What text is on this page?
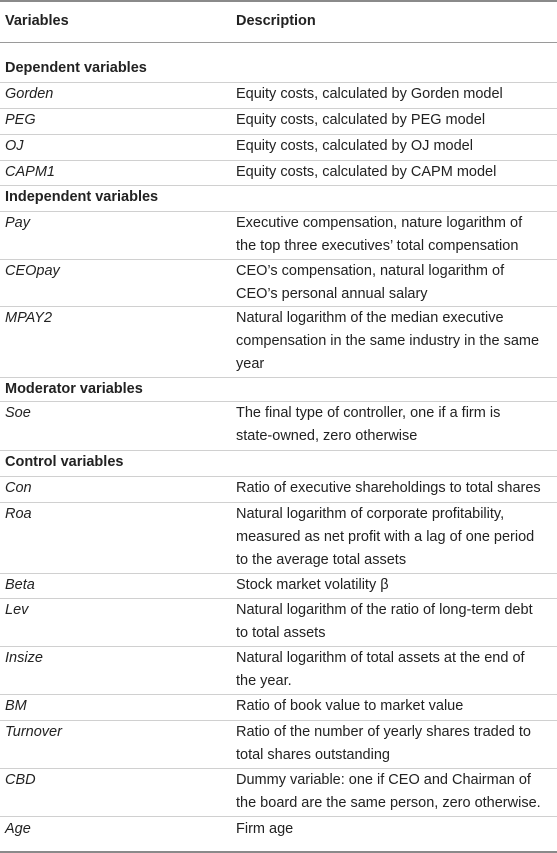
Variables	Description
Dependent variables
Gorden	Equity costs, calculated by Gorden model
PEG	Equity costs, calculated by PEG model
OJ	Equity costs, calculated by OJ model
CAPM1	Equity costs, calculated by CAPM model
Independent variables
Pay	Executive compensation, nature logarithm of
the top three executives’ total compensation
CEOpay	CEO’s compensation, natural logarithm of
CEO’s personal annual salary
MPAY2	Natural logarithm of the median executive
compensation in the same industry in the same
year
Moderator variables
Soe	The final type of controller, one if a firm is
state-owned, zero otherwise
Control variables
Con	Ratio of executive shareholdings to total shares
Roa	Natural logarithm of corporate profitability,
measured as net profit with a lag of one period
to the average total assets
Beta	Stock market volatility β
Lev	Natural logarithm of the ratio of long-term debt
to total assets
Insize	Natural logarithm of total assets at the end of
the year.
BM	Ratio of book value to market value
Turnover	Ratio of the number of yearly shares traded to
total shares outstanding
CBD	Dummy variable: one if CEO and Chairman of
the board are the same person, zero otherwise.
Age	Firm age
